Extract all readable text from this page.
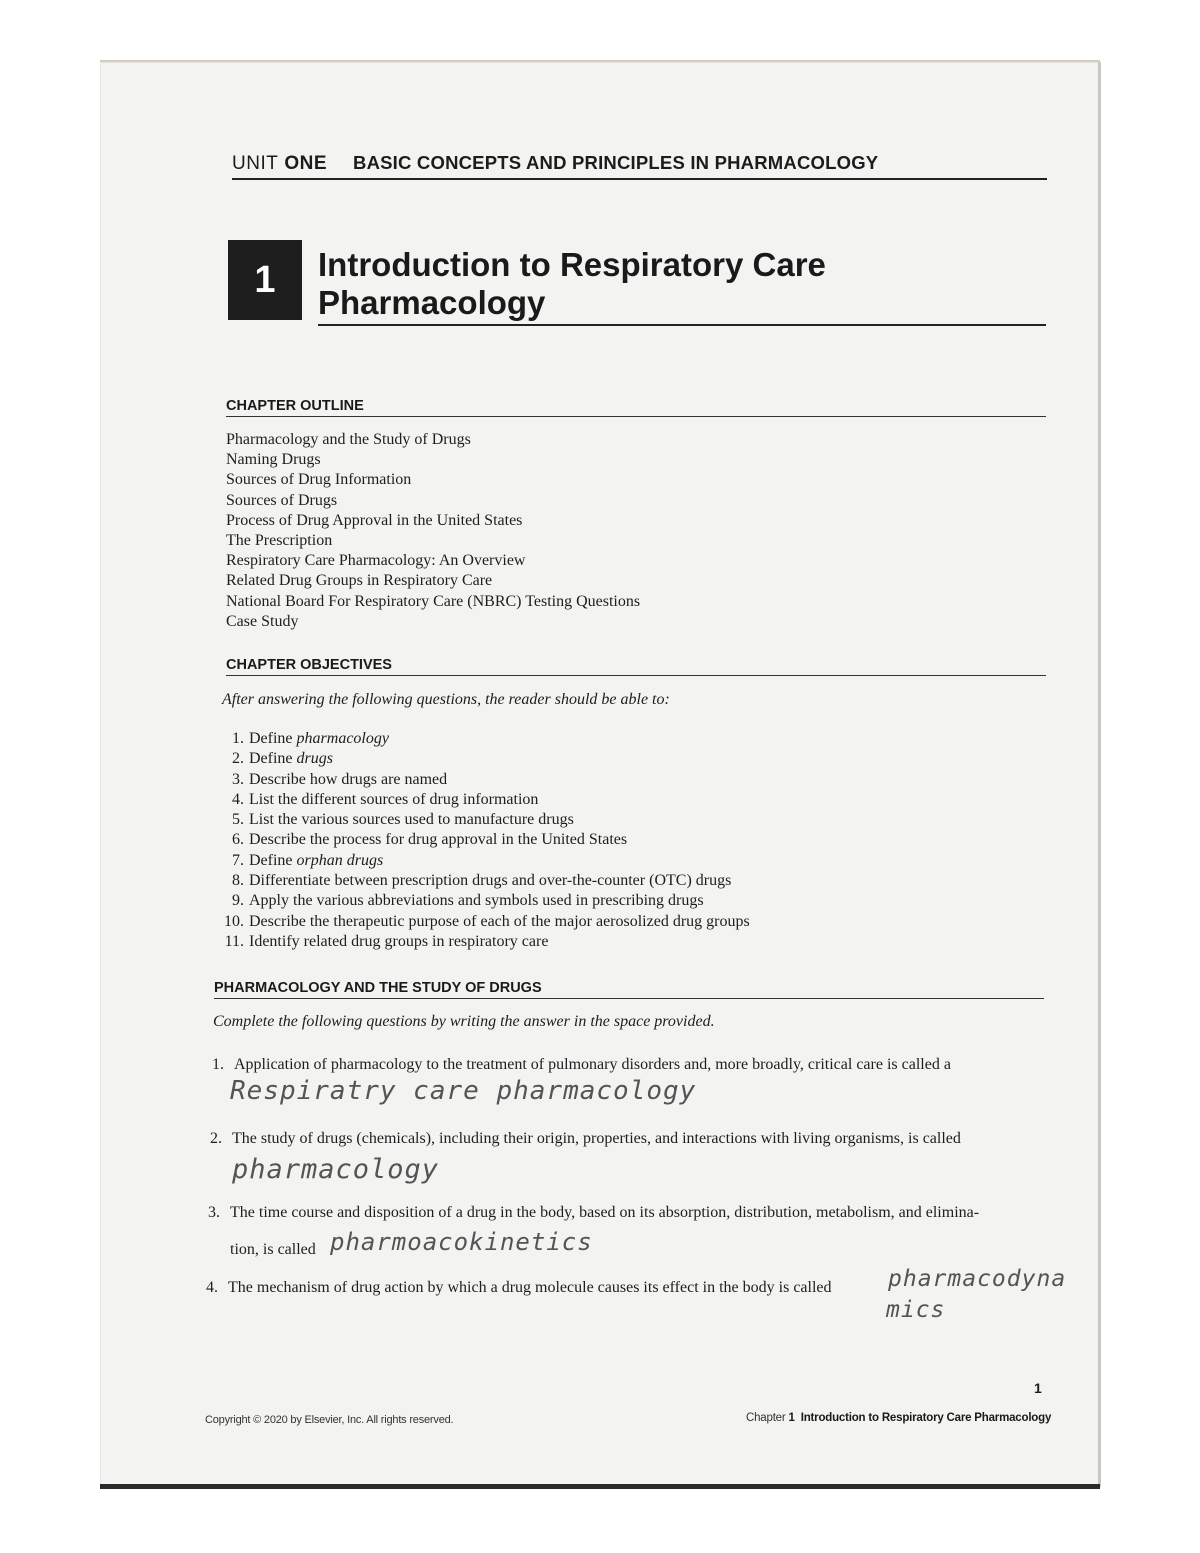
UNIT ONE BASIC CONCEPTS AND PRINCIPLES IN PHARMACOLOGY
1 Introduction to Respiratory Care
Pharmacology
CHAPTER OUTLINE
Pharmacology and the Study of Drugs
Naming Drugs
Sources of Drug Information
Sources of Drugs
Process of Drug Approval in the United States
The Prescription
Respiratory Care Pharmacology: An Overview
Related Drug Groups in Respiratory Care
National Board For Respiratory Care (NBRC) Testing Questions
Case Study
CHAPTER OBJECTIVES
After answering the following questions, the reader should be able to:
1. Define
pharmacology
2. Define
drugs
3. Describe how drugs are named
4. List the different sources of drug information
5. List the various sources used to manufacture drugs
6. Describe the process for drug approval in the United States
7. Define
orphan drugs
8. Differentiate between prescription drugs and over-the-counter (OTC) drugs
9. Apply the various abbreviations and symbols used in prescribing drugs
10. Describe the therapeutic purpose of each of the major aerosolized drug groups
11. Identify related drug groups in respiratory care
PHARMACOLOGY AND THE STUDY OF DRUGS
Complete the following questions by writing the answer in the space provided.
1. Application of pharmacology to the treatment of pulmonary disorders and, more broadly, critical care is called a
Respiratry care pharmacology
2. The study of drugs (chemicals), including their origin, properties, and interactions with living organisms, is called
pharmacology
3. The time course and disposition of a drug in the body, based on its absorption, distribution, metabolism, and elimina-
tion, is called pharmoacokinetics
4. The mechanism of drug action by which a drug molecule causes its effect in the body is called pharmacodyna
mics
1
Copyright © 2020 by Elsevier, Inc. All rights reserved.	Chapter 1 Introduction to Respiratory Care Pharmacology
